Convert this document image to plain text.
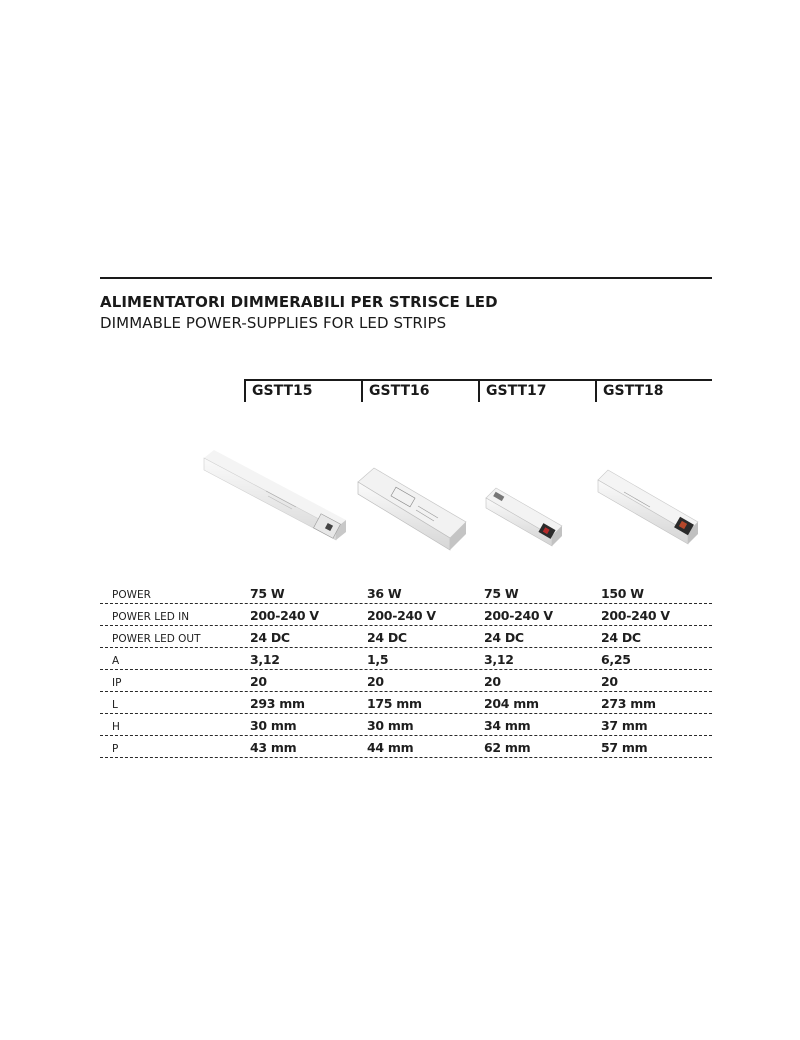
ALIMENTATORI DIMMERABILI PER STRISCE LED
DIMMABLE POWER-SUPPLIES FOR LED STRIPS
GSTT15	GSTT16	GSTT17	GSTT18
POWER	75 W	36 W	75 W	150 W
POWER LED IN	200-240 V	200-240 V	200-240 V	200-240 V
POWER LED OUT	24 DC	24 DC	24 DC	24 DC
A	3,12	1,5	3,12	6,25
IP	20	20	20	20
L	293 mm	175 mm	204 mm	273 mm
H	30 mm	30 mm	34 mm	37 mm
P	43 mm	44 mm	62 mm	57 mm
